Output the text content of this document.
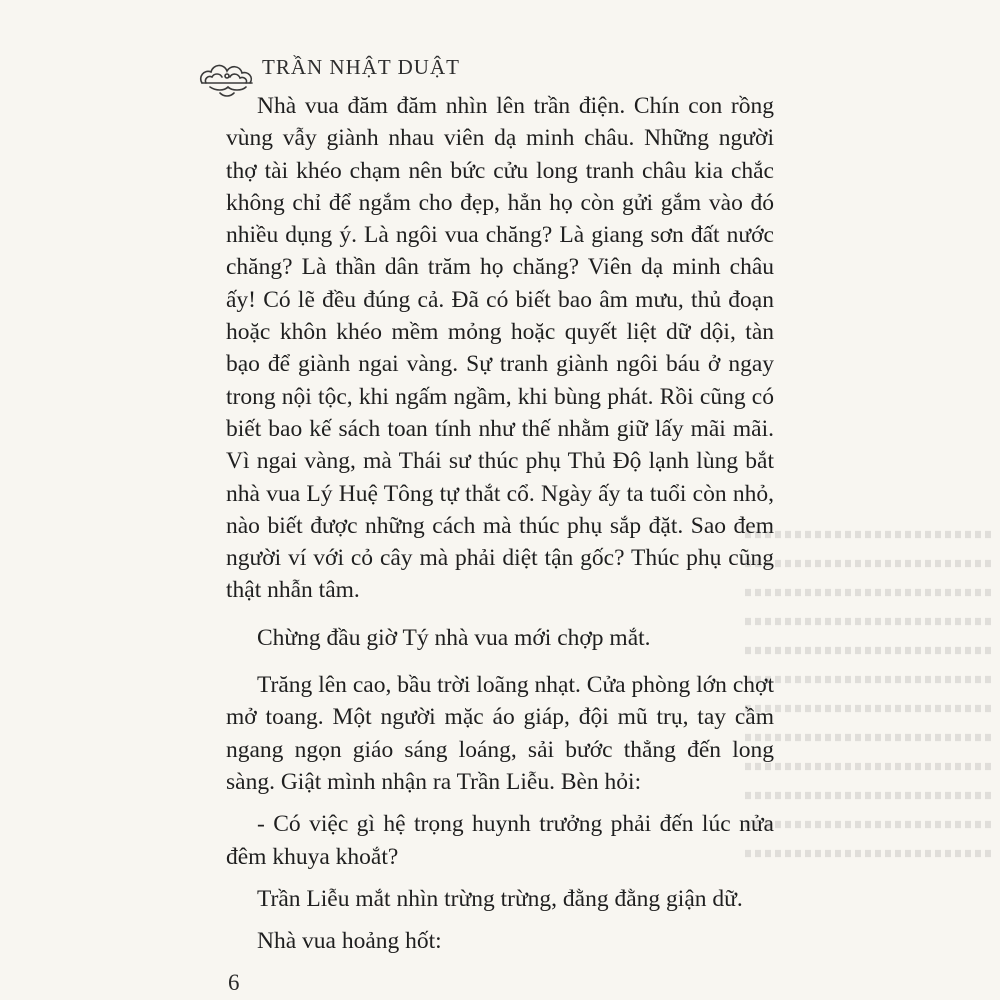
TRẦN NHẬT DUẬT

Nhà vua đăm đăm nhìn lên trần điện. Chín con rồng vùng vẫy giành nhau viên dạ minh châu. Những người thợ tài khéo chạm nên bức cửu long tranh châu kia chắc không chỉ để ngắm cho đẹp, hẳn họ còn gửi gắm vào đó nhiều dụng ý. Là ngôi vua chăng? Là giang sơn đất nước chăng? Là thần dân trăm họ chăng? Viên dạ minh châu ấy! Có lẽ đều đúng cả. Đã có biết bao âm mưu, thủ đoạn hoặc khôn khéo mềm mỏng hoặc quyết liệt dữ dội, tàn bạo để giành ngai vàng. Sự tranh giành ngôi báu ở ngay trong nội tộc, khi ngấm ngầm, khi bùng phát. Rồi cũng có biết bao kế sách toan tính như thế nhằm giữ lấy mãi mãi. Vì ngai vàng, mà Thái sư thúc phụ Thủ Độ lạnh lùng bắt nhà vua Lý Huệ Tông tự thắt cổ. Ngày ấy ta tuổi còn nhỏ, nào biết được những cách mà thúc phụ sắp đặt. Sao đem người ví với cỏ cây mà phải diệt tận gốc? Thúc phụ cũng thật nhẫn tâm.

Chừng đầu giờ Tý nhà vua mới chợp mắt.

Trăng lên cao, bầu trời loãng nhạt. Cửa phòng lớn chợt mở toang. Một người mặc áo giáp, đội mũ trụ, tay cầm ngang ngọn giáo sáng loáng, sải bước thẳng đến long sàng. Giật mình nhận ra Trần Liễu. Bèn hỏi:

- Có việc gì hệ trọng huynh trưởng phải đến lúc nửa đêm khuya khoắt?

Trần Liễu mắt nhìn trừng trừng, đằng đằng giận dữ.

Nhà vua hoảng hốt:

6
